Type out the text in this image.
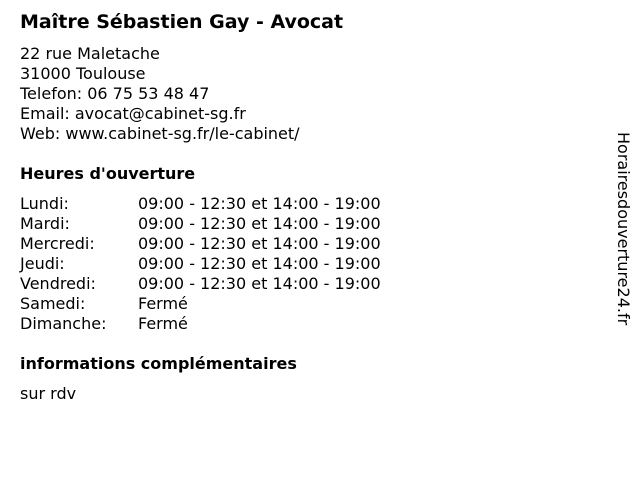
Maître Sébastien Gay - Avocat
22 rue Maletache
31000 Toulouse
Telefon: 06 75 53 48 47
Email: avocat@cabinet-sg.fr
Web: www.cabinet-sg.fr/le-cabinet/
Heures d'ouverture
Lundi:	09:00 - 12:30 et 14:00 - 19:00
Mardi:	09:00 - 12:30 et 14:00 - 19:00
Mercredi:	09:00 - 12:30 et 14:00 - 19:00
Jeudi:	09:00 - 12:30 et 14:00 - 19:00
Vendredi:	09:00 - 12:30 et 14:00 - 19:00
Samedi:	Fermé
Dimanche:	Fermé
informations complémentaires
sur rdv
Horairesdouverture24.fr
